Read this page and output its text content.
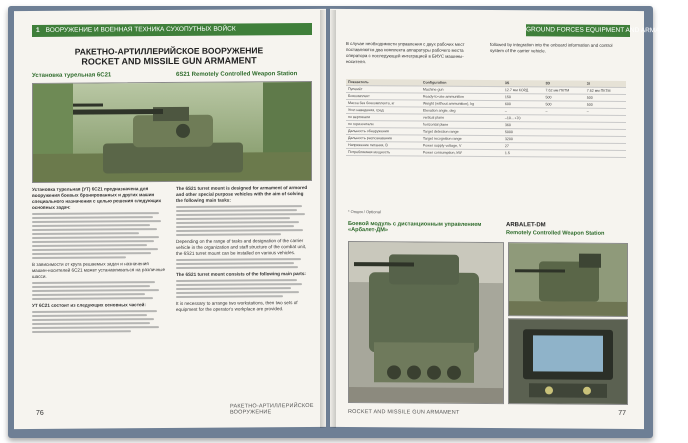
1 ВООРУЖЕНИЕ И ВОЕННАЯ ТЕХНИКА СУХОПУТНЫХ ВОЙСК
РАКЕТНО-АРТИЛЛЕРИЙСКОЕ ВООРУЖЕНИЕ
ROCKET AND MISSILE GUN ARMAMENT
Установка турельная 6С21	6S21 Remotely Controlled Weapon Station

Установка турельная (УТ) 6С21 предназначена для вооружения боевых бронированных и других машин специального назначения с целью решения следующих основных задач:

В зависимости от круга решаемых задач и назначения машин-носителей 6С21 может устанавливаться на различные шасси.

УТ 6С21 состоит из следующих основных частей:

The 6S21 turret mount is designed for armament of armored and other special purpose vehicles with the aim of solving the following main tasks:

Depending on the range of tasks and designation of the carrier vehicle in the organization and staff structure of the combat unit, the 6S21 turret mount can be installed on various vehicles.

The 6S21 turret mount consists of the following main parts:

It is necessary to arrange two workstations, then two sets of equipment for the operator's workplace are provided.

76
РАКЕТНО-АРТИЛЛЕРИЙСКОЕ ВООРУЖЕНИЕ
GROUND FORCES EQUIPMENT AND ARMAMENT 1
В случае необходимости управления с двух рабочих мест поставляются два комплекта аппаратуры рабочего места оператора с последующей интеграцией в БИУС машины-носителя.
followed by integration into the onboard information and control system of the carrier vehicle.
Показатель	Configuration	3S	3D	3I
Пулемёт	Machine gun	12.7 мм КОРД	7.62 мм ПКТМ	7.62 мм ПКТМ
Боекомплект	Ready-to-use ammunition	150	500	500
Масса без боекомплекта, кг	Weight (without ammunition), kg	600	500	500
Угол наведения, град	Elevation angle, deg	–	–	–
по вертикали	vertical plane	–10…+70		
по горизонтали	horizontal plane	360		
Дальность обнаружения	Target detection range	5000		
Дальность распознавания	Target recognition range	3200		
Напряжение питания, В	Power supply voltage, V	27		
Потребляемая мощность	Power consumption, kW	1.5		
* Опция / Optional
Боевой модуль с дистанционным управлением «Арбалет-ДМ»
ARBALET-DM
Remotely Controlled Weapon Station
ROCKET AND MISSILE GUN ARMAMENT	77
